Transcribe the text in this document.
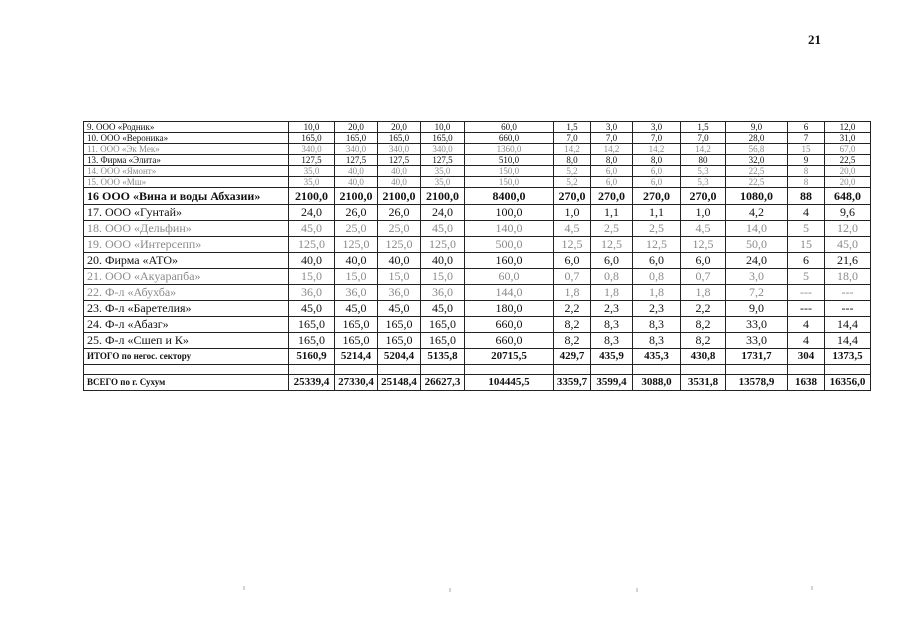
21
9. ООО «Родник»	10,0	20,0	20,0	10,0	60,0	1,5	3,0	3,0	1,5	9,0	6	12,0
10. ООО «Вероника»	165,0	165,0	165,0	165,0	660,0	7,0	7,0	7,0	7,0	28,0	7	31,0
11. ООО «Эк Мек»	340,0	340,0	340,0	340,0	1360,0	14,2	14,2	14,2	14,2	56,8	15	67,0
13. Фирма «Элита»	127,5	127,5	127,5	127,5	510,0	8,0	8,0	8,0	80	32,0	9	22,5
14. ООО «Ямонт»	35,0	40,0	40,0	35,0	150,0	5,2	6,0	6,0	5,3	22,5	8	20,0
15. ООО «Мш»	35,0	40,0	40,0	35,0	150,0	5,2	6,0	6,0	5,3	22,5	8	20,0
16 ООО «Вина и воды Абхазии»	2100,0	2100,0	2100,0	2100,0	8400,0	270,0	270,0	270,0	270,0	1080,0	88	648,0
17. ООО «Гунтай»	24,0	26,0	26,0	24,0	100,0	1,0	1,1	1,1	1,0	4,2	4	9,6
18. ООО «Дельфин»	45,0	25,0	25,0	45,0	140,0	4,5	2,5	2,5	4,5	14,0	5	12,0
19. ООО «Интерсепп»	125,0	125,0	125,0	125,0	500,0	12,5	12,5	12,5	12,5	50,0	15	45,0
20. Фирма «АТО»	40,0	40,0	40,0	40,0	160,0	6,0	6,0	6,0	6,0	24,0	6	21,6
21. ООО «Акуарапба»	15,0	15,0	15,0	15,0	60,0	0,7	0,8	0,8	0,7	3,0	5	18,0
22. Ф-л «Абухба»	36,0	36,0	36,0	36,0	144,0	1,8	1,8	1,8	1,8	7,2	---	---
23. Ф-л «Баретелия»	45,0	45,0	45,0	45,0	180,0	2,2	2,3	2,3	2,2	9,0	---	---
24. Ф-л «Абазг»	165,0	165,0	165,0	165,0	660,0	8,2	8,3	8,3	8,2	33,0	4	14,4
25. Ф-л «Сшеп и К»	165,0	165,0	165,0	165,0	660,0	8,2	8,3	8,3	8,2	33,0	4	14,4
ИТОГО по негос. сектору	5160,9	5214,4	5204,4	5135,8	20715,5	429,7	435,9	435,3	430,8	1731,7	304	1373,5

ВСЕГО по г. Сухум	25339,4	27330,4	25148,4	26627,3	104445,5	3359,7	3599,4	3088,0	3531,8	13578,9	1638	16356,0
